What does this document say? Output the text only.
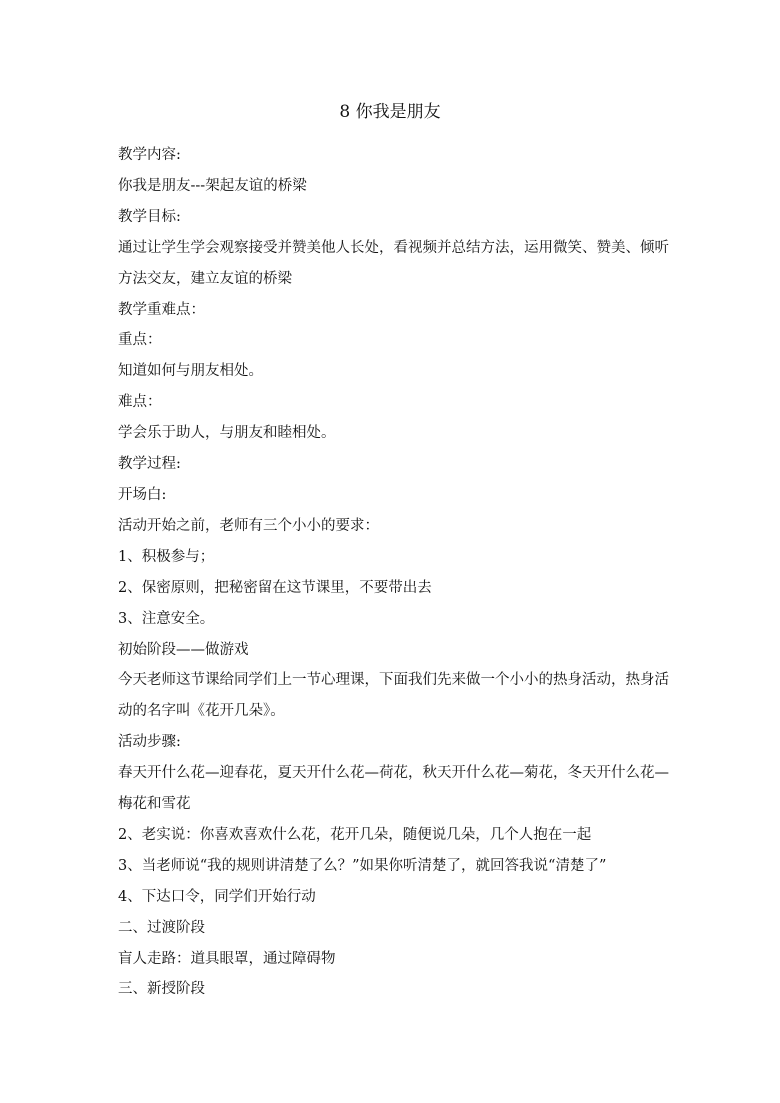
8 你我是朋友

教学内容:

你我是朋友---架起友谊的桥梁

教学目标:

通过让学生学会观察接受并赞美他人长处，看视频并总结方法，运用微笑、赞美、倾听方法交友，建立友谊的桥梁

教学重难点：

重点：

知道如何与朋友相处。

难点：

学会乐于助人，与朋友和睦相处。

教学过程:

开场白:

活动开始之前，老师有三个小小的要求：

1、积极参与；

2、保密原则，把秘密留在这节课里，不要带出去

3、注意安全。

初始阶段——做游戏

今天老师这节课给同学们上一节心理课，下面我们先来做一个小小的热身活动，热身活动的名字叫《花开几朵》。

活动步骤:

春天开什么花—迎春花，夏天开什么花—荷花，秋天开什么花—菊花，冬天开什么花—梅花和雪花

2、老实说：你喜欢喜欢什么花，花开几朵，随便说几朵，几个人抱在一起

3、当老师说“我的规则讲清楚了么？”如果你听清楚了，就回答我说“清楚了”

4、下达口令，同学们开始行动

二、过渡阶段

盲人走路：道具眼罩，通过障碍物

三、新授阶段
